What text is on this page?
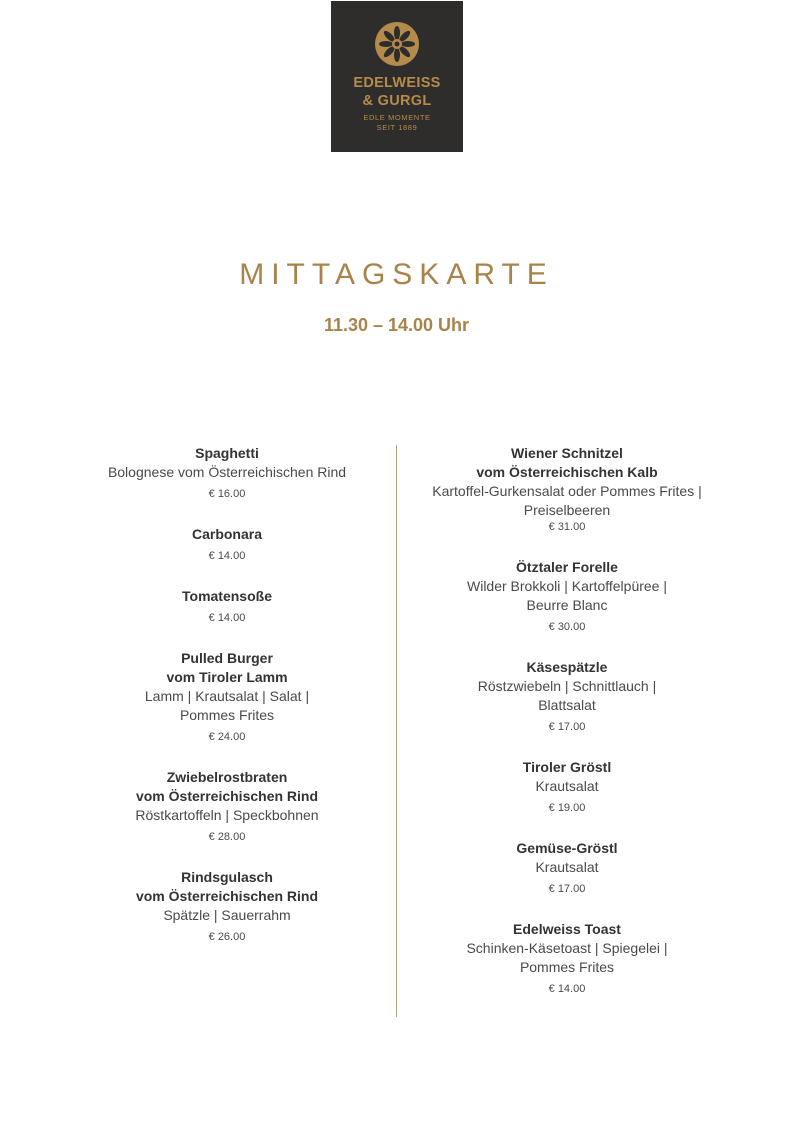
EDELWEISS
& GURGL
EDLE MOMENTE
SEIT 1889
MITTAGSKARTE
11.30 – 14.00 Uhr
Spaghetti
Bolognese vom Österreichischen Rind
€ 16.00
Carbonara
€ 14.00
Tomatensoße
€ 14.00
Pulled Burger
vom Tiroler Lamm
Lamm | Krautsalat | Salat |
Pommes Frites
€ 24.00
Zwiebelrostbraten
vom Österreichischen Rind
Röstkartoffeln | Speckbohnen
€ 28.00
Rindsgulasch
vom Österreichischen Rind
Spätzle | Sauerrahm
€ 26.00
Wiener Schnitzel
vom Österreichischen Kalb
Kartoffel-Gurkensalat oder Pommes Frites |
Preiselbeeren
€ 31.00
Ötztaler Forelle
Wilder Brokkoli | Kartoffelpüree |
Beurre Blanc
€ 30.00
Käsespätzle
Röstzwiebeln | Schnittlauch |
Blattsalat
€ 17.00
Tiroler Gröstl
Krautsalat
€ 19.00
Gemüse-Gröstl
Krautsalat
€ 17.00
Edelweiss Toast
Schinken-Käsetoast | Spiegelei |
Pommes Frites
€ 14.00
